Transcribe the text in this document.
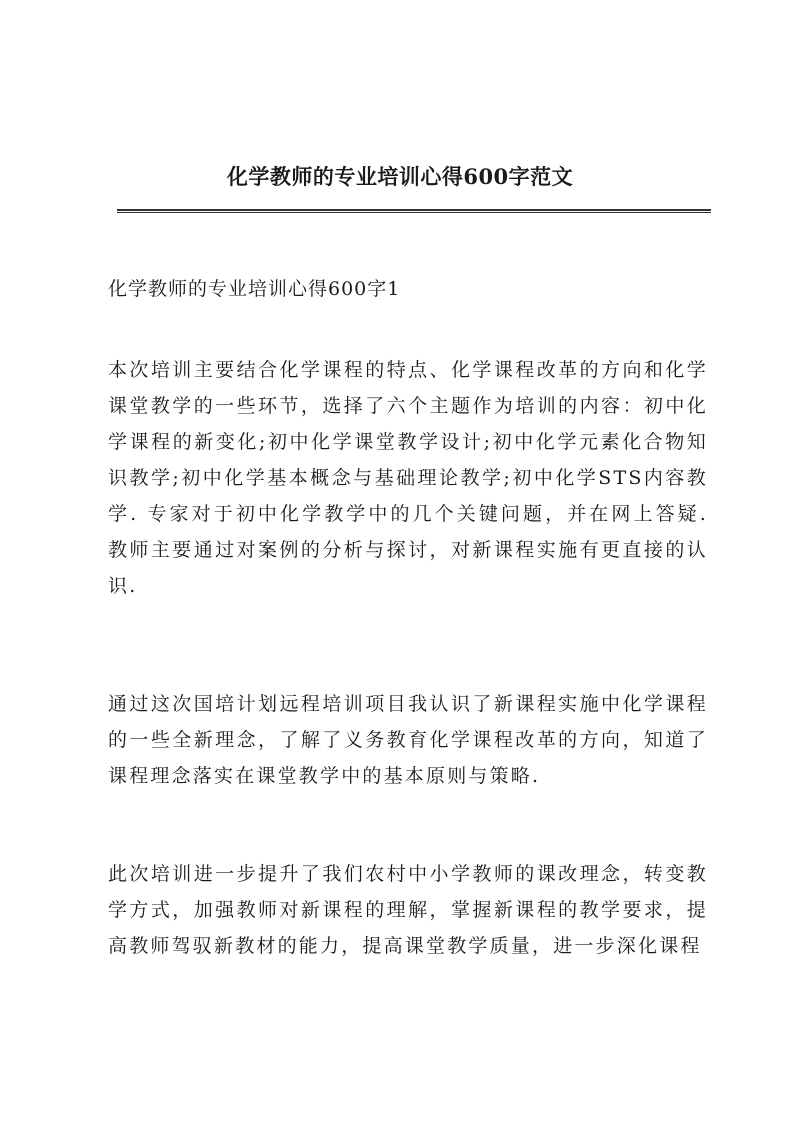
化学教师的专业培训心得600字范文
化学教师的专业培训心得600字1

本次培训主要结合化学课程的特点、化学课程改革的方向和化学课堂教学的一些环节，选择了六个主题作为培训的内容：初中化学课程的新变化;初中化学课堂教学设计;初中化学元素化合物知识教学;初中化学基本概念与基础理论教学;初中化学STS内容教学. 专家对于初中化学教学中的几个关键问题，并在网上答疑. 教师主要通过对案例的分析与探讨，对新课程实施有更直接的认识.

通过这次国培计划远程培训项目我认识了新课程实施中化学课程的一些全新理念，了解了义务教育化学课程改革的方向，知道了课程理念落实在课堂教学中的基本原则与策略.

此次培训进一步提升了我们农村中小学教师的课改理念，转变教学方式，加强教师对新课程的理解，掌握新课程的教学要求，提高教师驾驭新教材的能力，提高课堂教学质量，进一步深化课程
